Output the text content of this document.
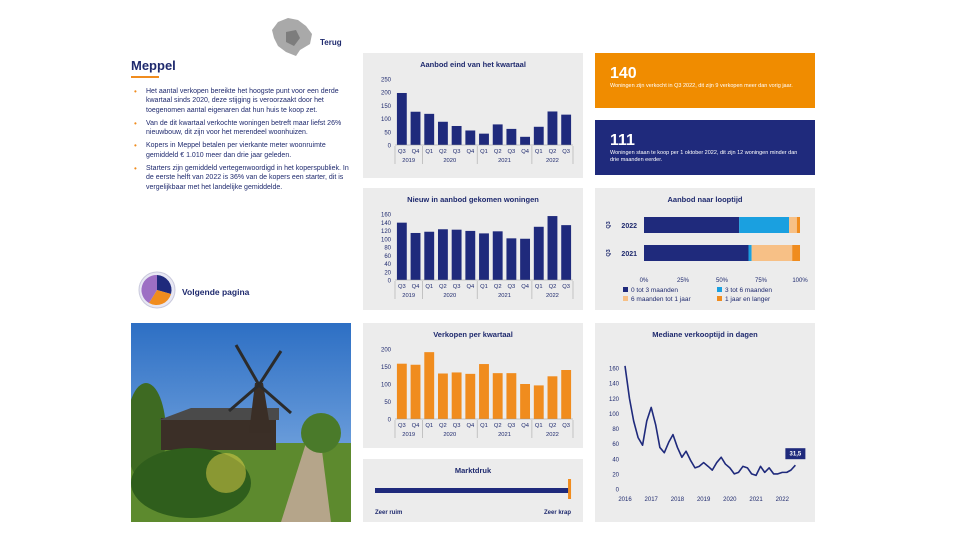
Terug
Meppel
• Het aantal verkopen bereikte het hoogste punt voor een derde kwartaal sinds 2020, deze stijging is veroorzaakt door het toegenomen aantal eigenaren dat hun huis te koop zet.
• Van de dit kwartaal verkochte woningen betreft maar liefst 26% nieuwbouw, dit zijn voor het merendeel woonhuizen.
• Kopers in Meppel betalen per vierkante meter woonruimte gemiddeld € 1.010 meer dan drie jaar geleden.
• Starters zijn gemiddeld vertegenwoordigd in het koperspubliek. In de eerste helft van 2022 is 36% van de kopers een starter, dit is vergelijkbaar met het landelijke gemiddelde.
Volgende pagina
Aanbod eind van het kwartaal
0
50
100
150
200
250
Q3 Q4 Q1 Q2 Q3 Q4 Q1 Q2 Q3 Q4 Q1 Q2 Q3
2019	2020	2021	2022
Nieuw in aanbod gekomen woningen
0
20
40
60
80
100
120
140
160
Q3 Q4 Q1 Q2 Q3 Q4 Q1 Q2 Q3 Q4 Q1 Q2 Q3
2019	2020	2021	2022
Verkopen per kwartaal
0
50
100
150
200
Q3 Q4 Q1 Q2 Q3 Q4 Q1 Q2 Q3 Q4 Q1 Q2 Q3
2019	2020	2021	2022
Marktdruk
Zeer ruim	Zeer krap
140
Woningen zijn verkocht in Q3 2022, dit zijn 9 verkopen meer dan vorig jaar.
111
Woningen staan te koop per 1 oktober 2022, dit zijn 12 woningen minder dan drie maanden eerder.
Aanbod naar looptijd
Q3 2022
Q3 2021
0%	25%	50%	75%	100%
0 tot 3 maanden	3 tot 6 maanden
6 maanden tot 1 jaar	1 jaar en langer
Mediane verkooptijd in dagen
0
20
40
60
80
100
120
140
160
2016 2017 2018 2019 2020 2021 2022
31,5
